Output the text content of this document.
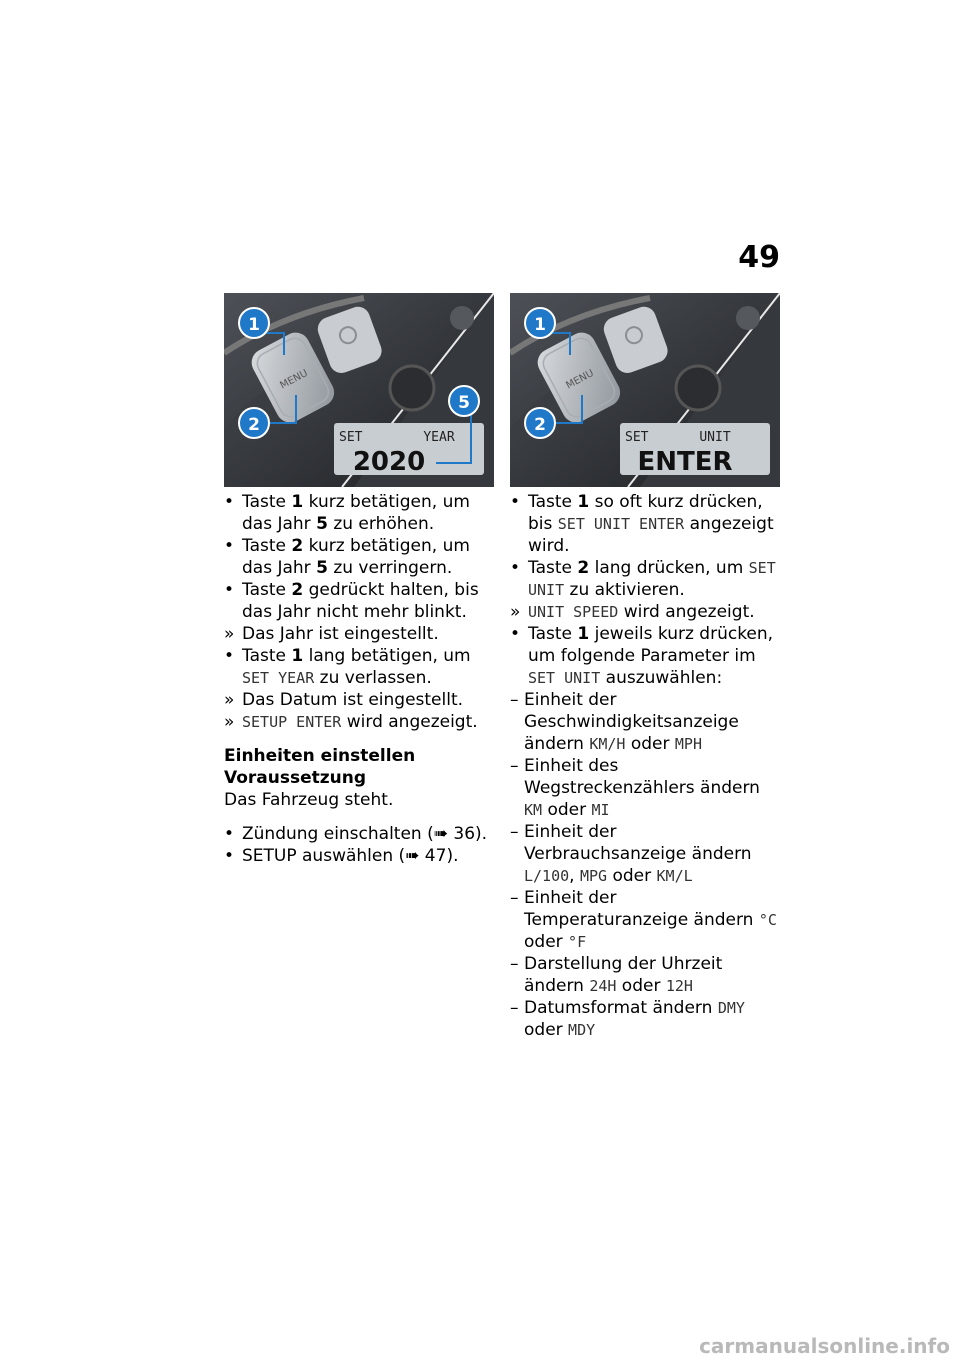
49
MENU
SET	YEAR
2020
1
2
5
MENU
SET	UNIT
ENTER
1
2

• Taste 1 kurz betätigen, um das Jahr 5 zu erhöhen.

• Taste 2 kurz betätigen, um das Jahr 5 zu verringern.

• Taste 2 gedrückt halten, bis das Jahr nicht mehr blinkt.

» Das Jahr ist eingestellt.

• Taste 1 lang betätigen, um SET YEAR zu verlassen.

» Das Datum ist eingestellt.

» SETUP ENTER wird angezeigt.

Einheiten einstellen

Voraussetzung

Das Fahrzeug steht.

• Zündung einschalten (➠ 36).

• SETUP auswählen (➠ 47).

• Taste 1 so oft kurz drücken, bis SET UNIT ENTER angezeigt wird.

• Taste 2 lang drücken, um SET UNIT zu aktivieren.

» UNIT SPEED wird angezeigt.

• Taste 1 jeweils kurz drücken, um folgende Parameter im SET UNIT auszuwählen:

– Einheit der Geschwindigkeitsanzeige ändern KM/H oder MPH

– Einheit des Wegstreckenzählers ändern KM oder MI

– Einheit der Verbrauchsanzeige ändern L/100, MPG oder KM/L

– Einheit der Temperaturanzeige ändern °C oder °F

– Darstellung der Uhrzeit ändern 24H oder 12H

– Datumsformat ändern DMY oder MDY

carmanualsonline.info
